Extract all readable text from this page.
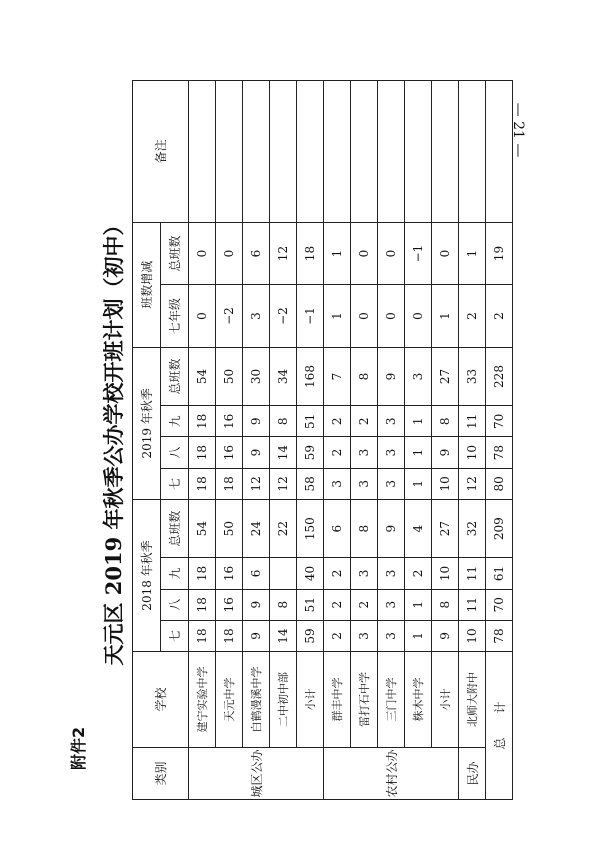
附件2
— 21 —
天元区 2019 年秋季公办学校开班计划（初中）
类别	学校	2018 年秋季				2019 年秋季				班数增减		备注
		七	八	九	总班数	七	八	九	总班数	七年级	总班数	
城区公办	建宁实验中学	18	18	18	54	18	18	18	54	0	0	
	天元中学	18	16	16	50	18	16	16	50	−2	0	
	白鹤漫溪中学	9	9	6	24	12	9	9	30	3	6	
	二中初中部	14	8		22	12	14	8	34	−2	12	
	小计	59	51	40	150	58	59	51	168	−1	18	
农村公办	群丰中学	2	2	2	6	3	2	2	7	1	1	
	雷打石中学	3	2	3	8	3	3	2	8	0	0	
	三门中学	3	3	3	9	3	3	3	9	0	0	
	株木中学	1	1	2	4	1	1	1	3	0	−1	
	小计	9	8	10	27	10	9	8	27	1	0	
民办	北师大附中	10	11	11	32	12	10	11	33	2	1	
总　　计		78	70	61	209	80	78	70	228	2	19	
